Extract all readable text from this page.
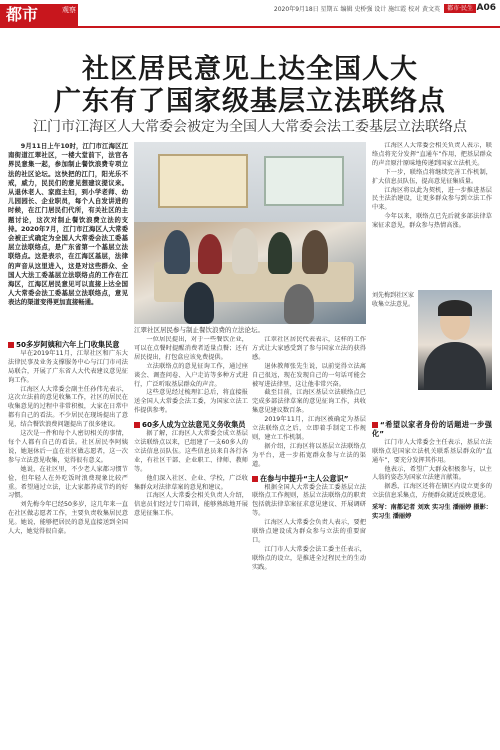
都市	观察	2020年9月18日 星期五 编辑 史桥强 设计 施红霞 校对 黄文英	都市·民生 A06
社区居民意见上达全国人大
广东有了国家级基层立法联络点
江门市江海区人大常委会被定为全国人大常委会法工委基层立法联络点

9月11日上午10时，江门市江海区江南街道江翠社区，一楼大堂前下，法官各界民意集一起，参加制止餐饮浪费专项立法的社区论坛。这快把的江门，阳光乐不戒，威力，民民们的意见想建议提议来。从退休老人、家庭主妇，到小学老师、幼儿园园长、企业职员，每个人自发讲进的时候，在江门居民们代所，有关社区的主题讨论，这次对制止餐饮浪费立法的支持。2020年7月，江门市江海区人大常委会被正式确定为全国人大常委会法工委基层立法联络点，是广东省第一个基层立法联络点。这是表示，在江海区基层，法律的声音从这里进入，这是对这些群众、全国人大法工委基层立法联络点的工作在江海区，江海区居民意见可以直接上达全国人大常委会法工委基层立法联络点，意见表达的渠道变得更加直接畅通。

江翠社区居民参与制止餐饮浪费的立法论坛。

50多岁阿姨和六年上门收集民意

早在2019年11月，江翠社区和广东大法律民事及业务支撑服务中心与江门市司法局联合，开展了广东省人大代表建议意见征询工作。

江海区人大常委会副主任孙伟光表示，这次立法前的意见收集工作，社区的居民在收集意见的过程中非常积极，大家在日常中都有自己的看法。不少居民在现场提出了意见，结合餐饮浪费问题提出了很多建议。

这次是一件和每个人密切相关的事情，每个人都有自己的看法。社区居民李阿姨说，她退休后一直在社区做志愿者，这一次参与立法意见收集，觉得很有意义。

她说，在社区里，不少老人家都习惯节俭，但年轻人在外吃饭时浪费现象比较严重。希望通过立法，让大家都养成节约的好习惯。

刘先梅今年已经50多岁，这几年来一直在社区做志愿者工作，主要负责收集居民意见。她说，能够把居民的意见直接送到全国人大，她觉得很自豪。

一位居民提出，对于一些餐饮企业，可以在点餐时提醒消费者适量点餐；还有居民提出，打包盒应该免费提供。

立法联络点的意见征询工作，通过座谈会、调查问卷、入户走访等多种方式进行，广泛听取基层群众的声音。

这些意见经过梳理汇总后，将直接报送全国人大常委会法工委，为国家立法工作提供参考。

60多人成为立法意见义务收集员

据了解，江海区人大常委会成立基层立法联络点以来，已组建了一支60多人的立法信息员队伍。这些信息员来自各行各业，有社区干部、企业职工、律师、教师等。

他们深入社区、企业、学校，广泛收集群众对法律草案的意见和建议。

江海区人大常委会相关负责人介绍，信息员们经过专门培训，能够熟练地开展意见征集工作。

江翠社区居民代表表示，这样的工作方式让大家感受到了参与国家立法的获得感。

退休教师张先生说，以前觉得立法离自己很远，现在发现自己的一句话可能会被写进法律里，这让他非常兴奋。

截至目前，江海区基层立法联络点已完成多部法律草案的意见征询工作，共收集意见建议数百条。

2019年11月，江海区被确定为基层立法联络点之后，立即着手制定工作规则，建立工作机制。

据介绍，江海区将以基层立法联络点为平台，进一步拓宽群众参与立法的渠道。

在参与中提升“主人公意识”

根据全国人大常委会法工委基层立法联络点工作规则，基层立法联络点的职责包括就法律草案征求意见建议、开展调研等。

江海区人大常委会负责人表示，要把联络点建设成为群众参与立法的重要窗口。

江门市人大常委会法工委主任表示，联络点的设立，是推进全过程民主的生动实践。

江海区人大常委会相关负责人表示，联络点将充分发挥“直通车”作用，把基层群众的声音原汁原味地传递到国家立法机关。

下一步，联络点将继续完善工作机制，扩大信息员队伍，提高意见征集质量。

江海区将以此为契机，进一步推进基层民主法治建设，让更多群众参与到立法工作中来。

今年以来，联络点已先后就多部法律草案征求意见，群众参与热情高涨。

“希望以家者身份的话题进一步强化”

江门市人大常委会主任表示，基层立法联络点是国家立法机关联系基层群众的“直通车”，要充分发挥其作用。

他表示，希望广大群众积极参与，以主人翁的姿态为国家立法建言献策。

据悉，江海区还将在辖区内设立更多的立法信息采集点，方便群众就近反映意见。

采写：南都记者 刘欢 实习生 潘丽婷 摄影：实习生 潘丽婷

刘先梅到社区家收集立法意见。
